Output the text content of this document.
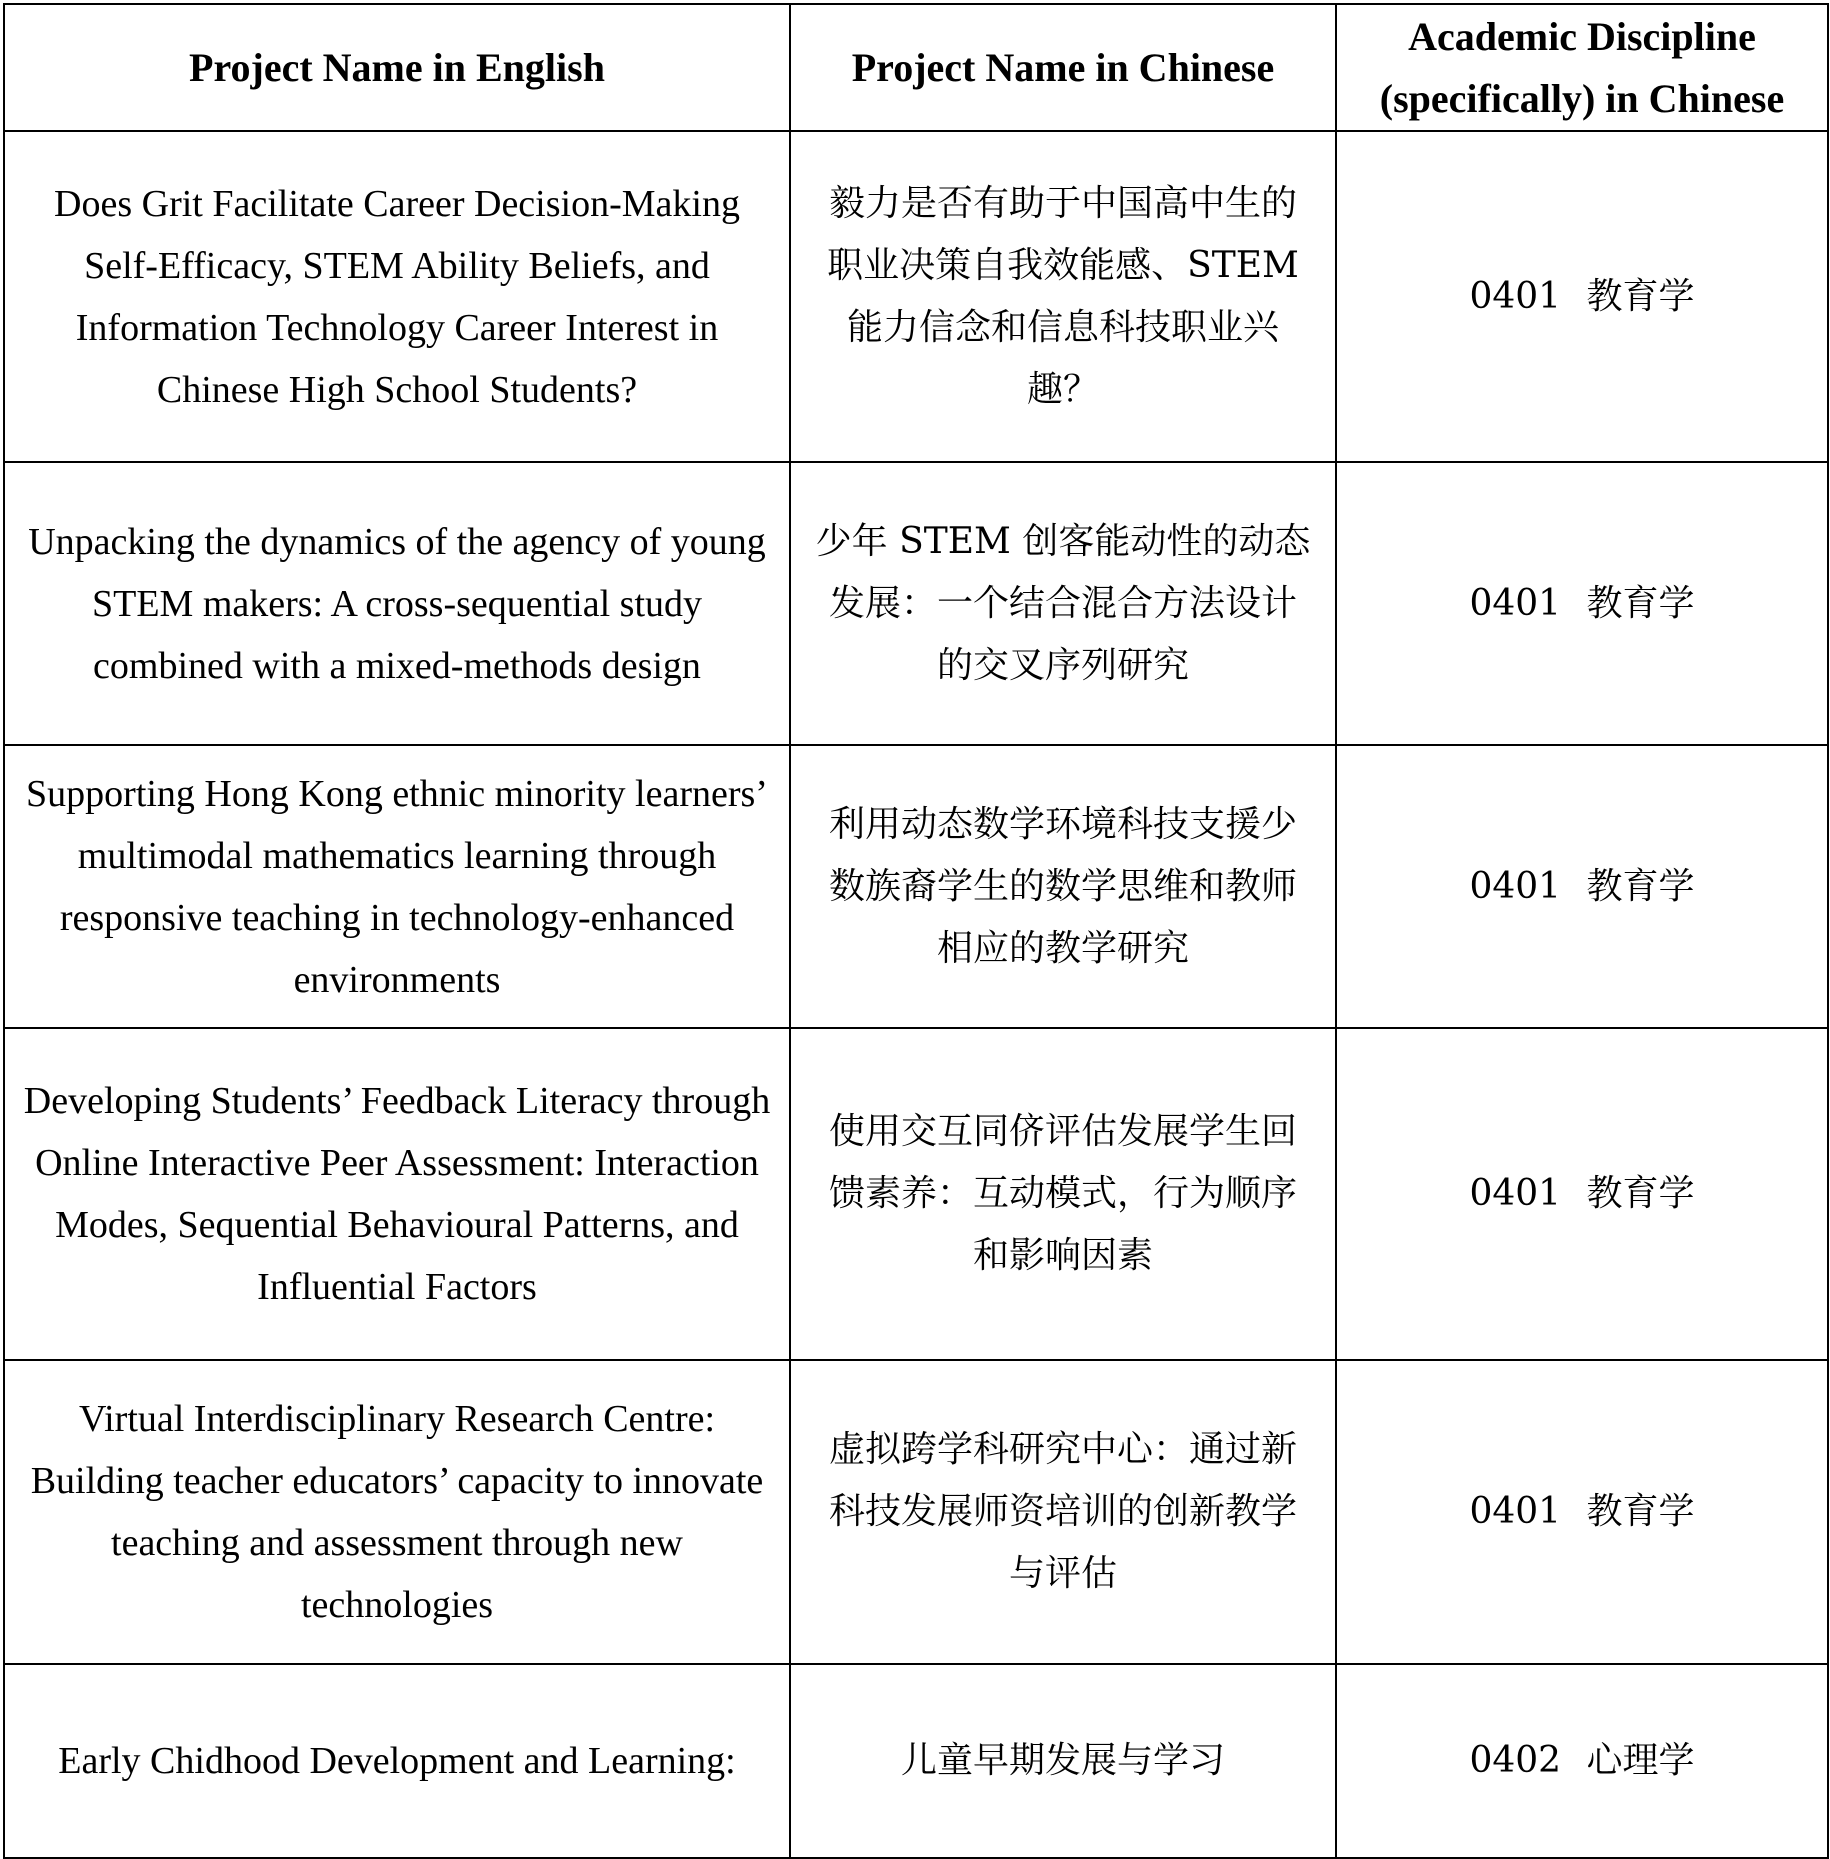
Project Name in English	Project Name in Chinese	Academic Discipline (specifically) in Chinese
Does Grit Facilitate Career Decision-Making Self-Efficacy, STEM Ability Beliefs, and Information Technology Career Interest in Chinese High School Students?	毅力是否有助于中国高中生的职业决策自我效能感、STEM 能力信念和信息科技职业兴趣？	0401 教育学
Unpacking the dynamics of the agency of young STEM makers: A cross-sequential study combined with a mixed-methods design	少年 STEM 创客能动性的动态发展：一个结合混合方法设计的交叉序列研究	0401 教育学
Supporting Hong Kong ethnic minority learners’ multimodal mathematics learning through responsive teaching in technology-enhanced environments	利用动态数学环境科技支援少数族裔学生的数学思维和教师相应的教学研究	0401 教育学
Developing Students’ Feedback Literacy through Online Interactive Peer Assessment: Interaction Modes, Sequential Behavioural Patterns, and Influential Factors	使用交互同侪评估发展学生回馈素养：互动模式，行为顺序和影响因素	0401 教育学
Virtual Interdisciplinary Research Centre: Building teacher educators’ capacity to innovate teaching and assessment through new technologies	虚拟跨学科研究中心：通过新科技发展师资培训的创新教学与评估	0401 教育学
Early Chidhood Development and Learning:	儿童早期发展与学习	0402 心理学
